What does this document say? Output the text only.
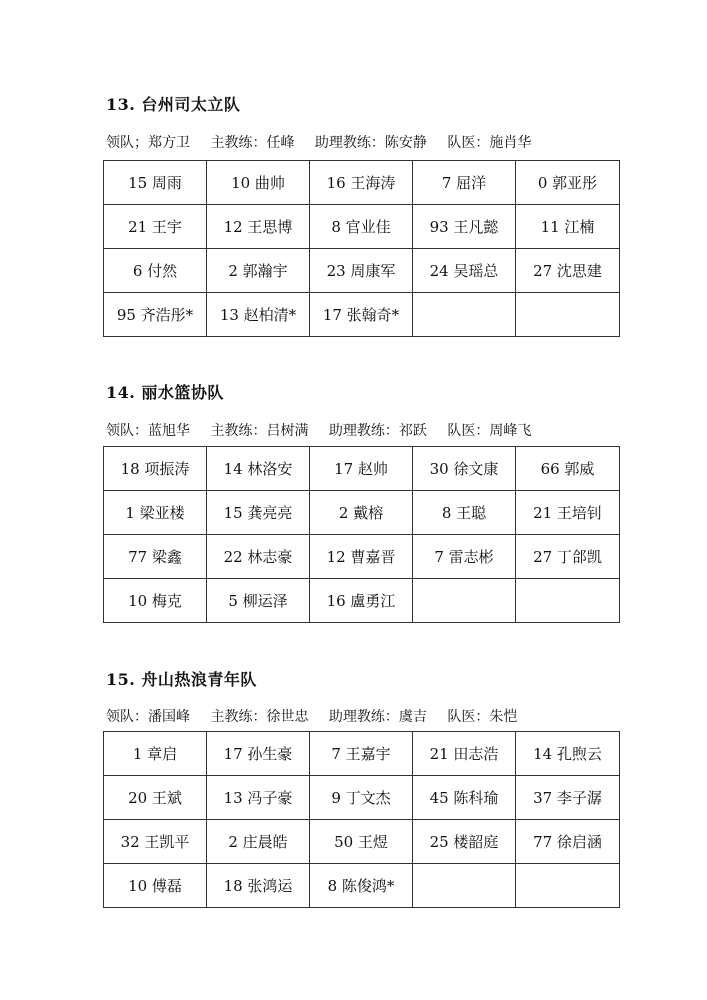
13. 台州司太立队
领队；郑方卫 主教练：任峰 助理教练：陈安静 队医：施肖华
15 周雨	10 曲帅	16 王海涛	7 屈洋	0 郭亚彤
21 王宇	12 王思博	8 官业佳	93 王凡懿	11 江楠
6 付然	2 郭瀚宇	23 周康军	24 吴瑶总	27 沈思建
95 齐浩彤*	13 赵柏清*	17 张翰奇*		
14. 丽水篮协队
领队：蓝旭华 主教练：吕树满 助理教练：祁跃 队医：周峰飞
18 项振涛	14 林洛安	17 赵帅	30 徐文康	66 郭威
1 梁亚楼	15 龚亮亮	2 戴榕	8 王聪	21 王培钊
77 梁鑫	22 林志豪	12 曹嘉晋	7 雷志彬	27 丁郃凯
10 梅克	5 柳运泽	16 盧勇江		
15. 舟山热浪青年队
领队：潘国峰 主教练：徐世忠 助理教练：虞吉 队医：朱恺
1 章启	17 孙生豪	7 王嘉宇	21 田志浩	14 孔煦云
20 王斌	13 冯子豪	9 丁文杰	45 陈科瑜	37 李子潺
32 王凯平	2 庄晨皓	50 王煜	25 楼韶庭	77 徐启涵
10 傅磊	18 张鸿运	8 陈俊鸿*		
